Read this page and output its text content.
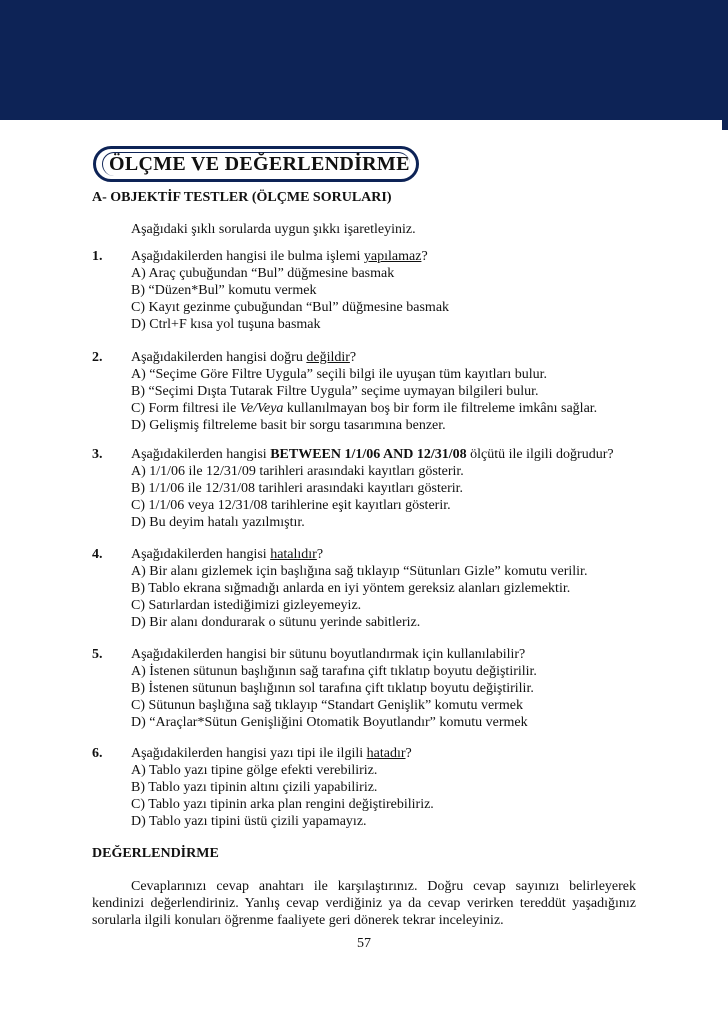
ÖLÇME VE DEĞERLENDİRME
A- OBJEKTİF TESTLER (ÖLÇME SORULARI)
Aşağıdaki şıklı sorularda uygun şıkkı işaretleyiniz.
1. Aşağıdakilerden hangisi ile bulma işlemi yapılamaz?
A) Araç çubuğundan “Bul” düğmesine basmak
B) “Düzen*Bul” komutu vermek
C) Kayıt gezinme çubuğundan “Bul” düğmesine basmak
D) Ctrl+F kısa yol tuşuna basmak
2. Aşağıdakilerden hangisi doğru değildir?
A) “Seçime Göre Filtre Uygula” seçili bilgi ile uyuşan tüm kayıtları bulur.
B) “Seçimi Dışta Tutarak Filtre Uygula” seçime uymayan bilgileri bulur.
C) Form filtresi ile Ve/Veya kullanılmayan boş bir form ile filtreleme imkânı sağlar.
D) Gelişmiş filtreleme basit bir sorgu tasarımına benzer.
3. Aşağıdakilerden hangisi BETWEEN 1/1/06 AND 12/31/08 ölçütü ile ilgili doğrudur?
A) 1/1/06 ile 12/31/09 tarihleri arasındaki kayıtları gösterir.
B) 1/1/06 ile 12/31/08 tarihleri arasındaki kayıtları gösterir.
C) 1/1/06 veya 12/31/08 tarihlerine eşit kayıtları gösterir.
D) Bu deyim hatalı yazılmıştır.
4. Aşağıdakilerden hangisi hatalıdır?
A) Bir alanı gizlemek için başlığına sağ tıklayıp “Sütunları Gizle” komutu verilir.
B) Tablo ekrana sığmadığı anlarda en iyi yöntem gereksiz alanları gizlemektir.
C) Satırlardan istediğimizi gizleyemeyiz.
D) Bir alanı dondurarak o sütunu yerinde sabitleriz.
5. Aşağıdakilerden hangisi bir sütunu boyutlandırmak için kullanılabilir?
A) İstenen sütunun başlığının sağ tarafına çift tıklatıp boyutu değiştirilir.
B) İstenen sütunun başlığının sol tarafına çift tıklatıp boyutu değiştirilir.
C) Sütunun başlığına sağ tıklayıp “Standart Genişlik” komutu vermek
D) “Araçlar*Sütun Genişliğini Otomatik Boyutlandır” komutu vermek
6. Aşağıdakilerden hangisi yazı tipi ile ilgili hatadır?
A) Tablo yazı tipine gölge efekti verebiliriz.
B) Tablo yazı tipinin altını çizili yapabiliriz.
C) Tablo yazı tipinin arka plan rengini değiştirebiliriz.
D) Tablo yazı tipini üstü çizili yapamayız.
DEĞERLENDİRME
Cevaplarınızı cevap anahtarı ile karşılaştırınız. Doğru cevap sayınızı belirleyerek
kendinizi değerlendiriniz. Yanlış cevap verdiğiniz ya da cevap verirken tereddüt yaşadığınız
sorularla ilgili konuları öğrenme faaliyete geri dönerek tekrar inceleyiniz.
57
